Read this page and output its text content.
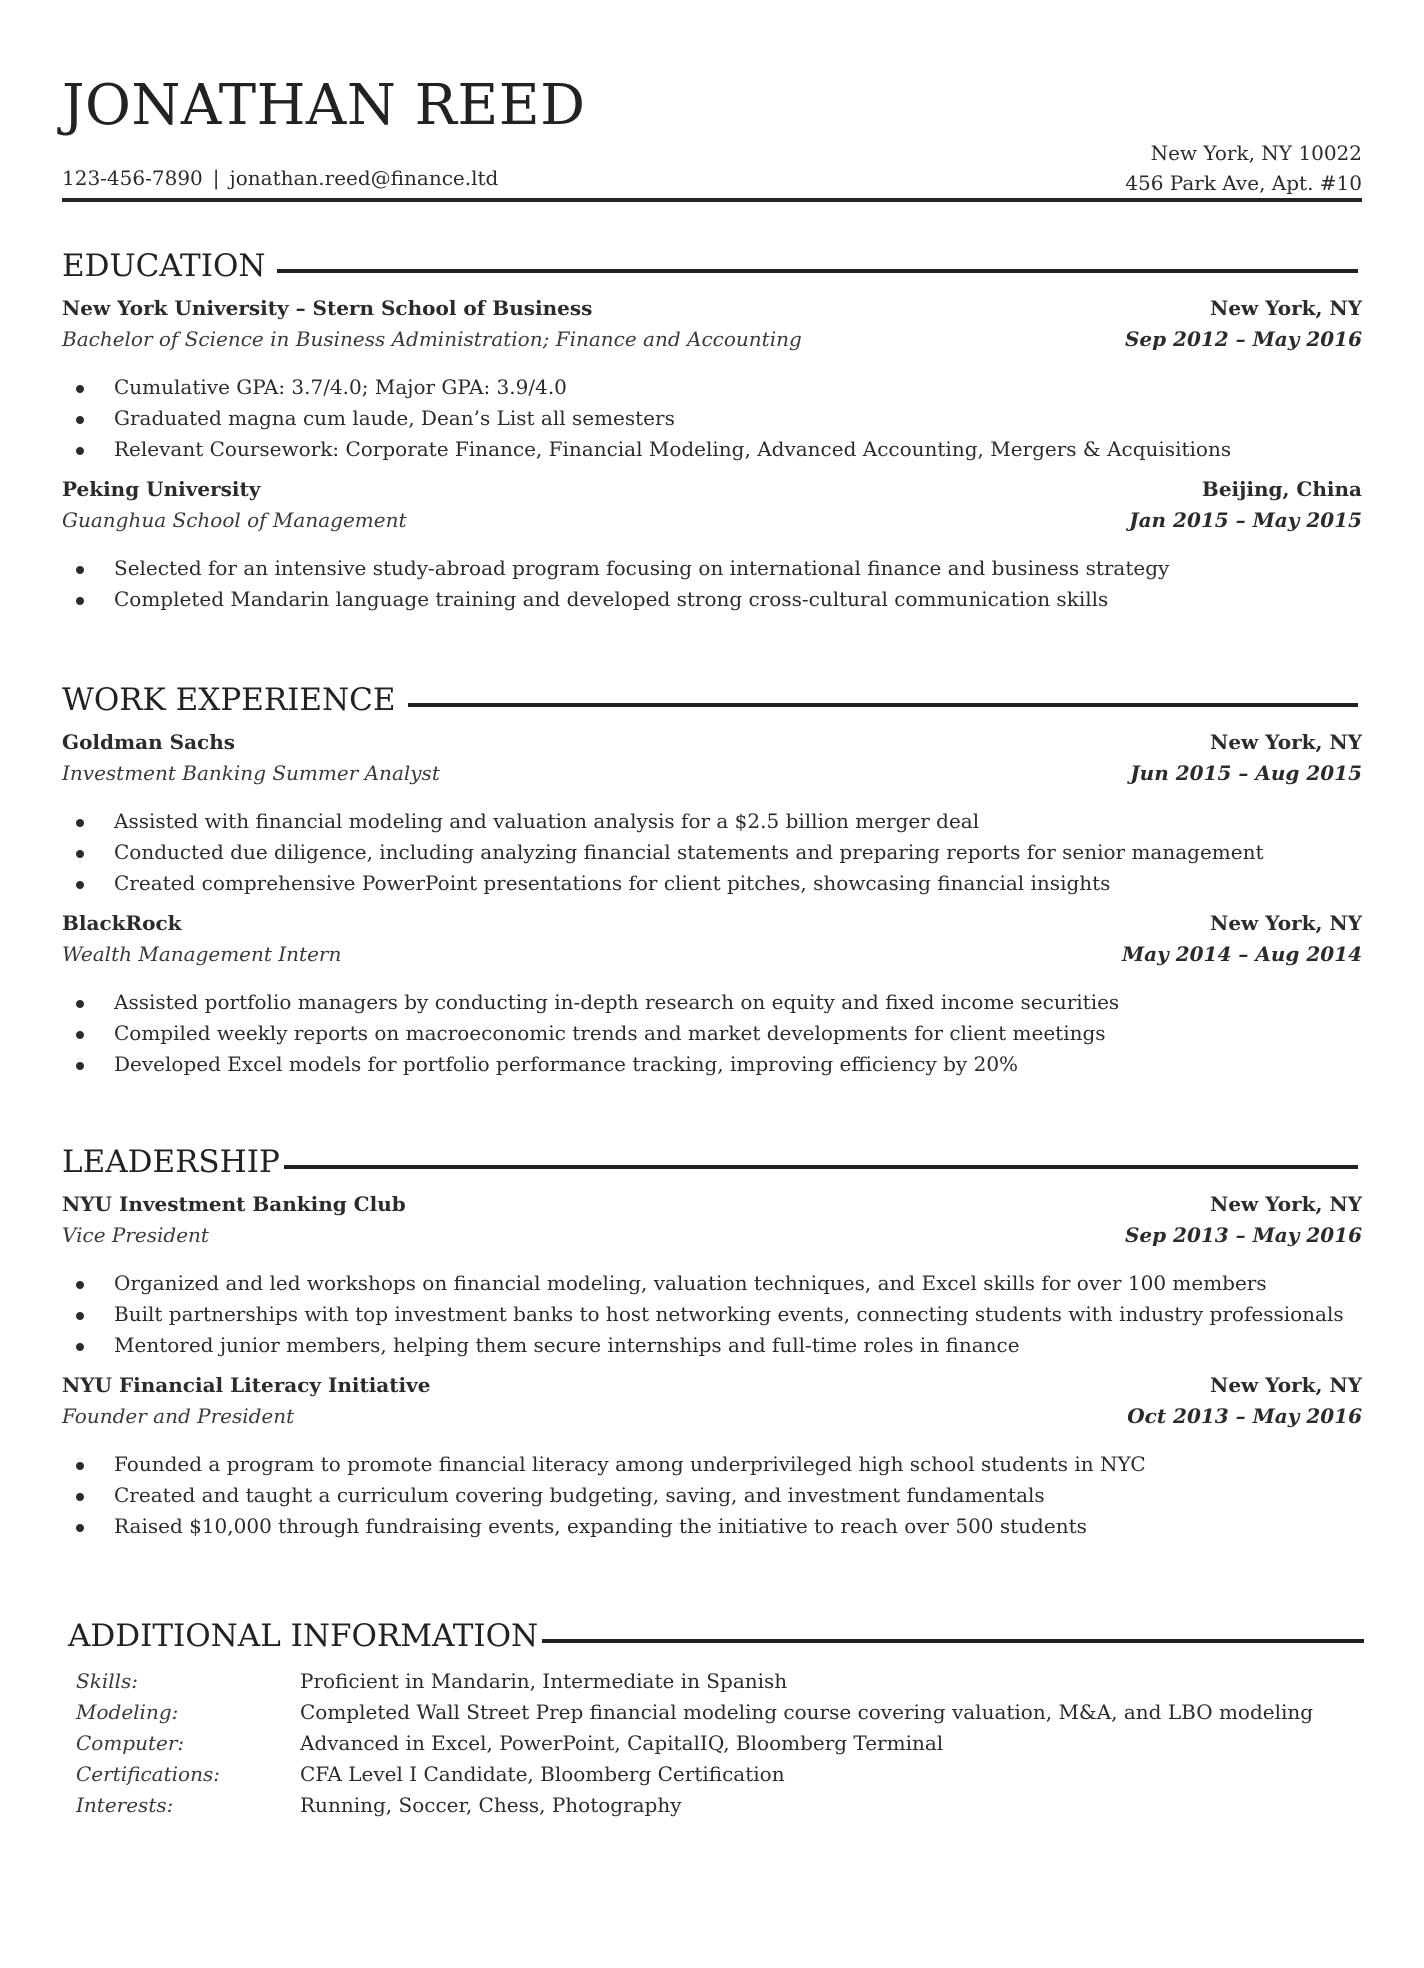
JONATHAN REED
123-456-7890 | jonathan.reed@finance.ltd
New York, NY 10022
456 Park Ave, Apt. #10
EDUCATION
New York University – Stern School of Business	New York, NY
Bachelor of Science in Business Administration; Finance and Accounting	Sep 2012 – May 2016
Cumulative GPA: 3.7/4.0; Major GPA: 3.9/4.0
Graduated magna cum laude, Dean’s List all semesters
Relevant Coursework: Corporate Finance, Financial Modeling, Advanced Accounting, Mergers & Acquisitions
Peking University	Beijing, China
Guanghua School of Management	Jan 2015 – May 2015
Selected for an intensive study-abroad program focusing on international finance and business strategy
Completed Mandarin language training and developed strong cross-cultural communication skills
WORK EXPERIENCE
Goldman Sachs	New York, NY
Investment Banking Summer Analyst	Jun 2015 – Aug 2015
Assisted with financial modeling and valuation analysis for a $2.5 billion merger deal
Conducted due diligence, including analyzing financial statements and preparing reports for senior management
Created comprehensive PowerPoint presentations for client pitches, showcasing financial insights
BlackRock	New York, NY
Wealth Management Intern	May 2014 – Aug 2014
Assisted portfolio managers by conducting in-depth research on equity and fixed income securities
Compiled weekly reports on macroeconomic trends and market developments for client meetings
Developed Excel models for portfolio performance tracking, improving efficiency by 20%
LEADERSHIP
NYU Investment Banking Club	New York, NY
Vice President	Sep 2013 – May 2016
Organized and led workshops on financial modeling, valuation techniques, and Excel skills for over 100 members
Built partnerships with top investment banks to host networking events, connecting students with industry professionals
Mentored junior members, helping them secure internships and full-time roles in finance
NYU Financial Literacy Initiative	New York, NY
Founder and President	Oct 2013 – May 2016
Founded a program to promote financial literacy among underprivileged high school students in NYC
Created and taught a curriculum covering budgeting, saving, and investment fundamentals
Raised $10,000 through fundraising events, expanding the initiative to reach over 500 students
ADDITIONAL INFORMATION
Skills:	Proficient in Mandarin, Intermediate in Spanish
Modeling:	Completed Wall Street Prep financial modeling course covering valuation, M&A, and LBO modeling
Computer:	Advanced in Excel, PowerPoint, CapitalIQ, Bloomberg Terminal
Certifications:	CFA Level I Candidate, Bloomberg Certification
Interests:	Running, Soccer, Chess, Photography
